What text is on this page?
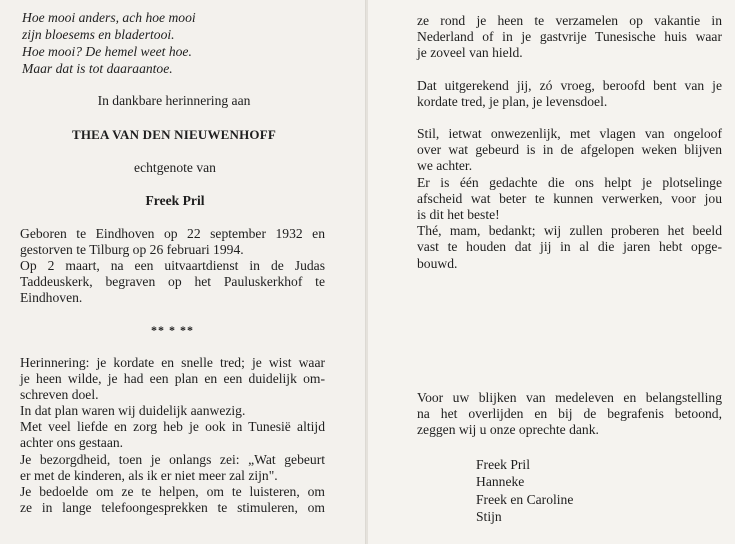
Hoe mooi anders, ach hoe mooi
zijn bloesems en bladertooi.
Hoe mooi? De hemel weet hoe.
Maar dat is tot daaraantoe.
In dankbare herinnering aan
THEA VAN DEN NIEUWENHOFF
echtgenote van
Freek Pril
Geboren te Eindhoven op 22 september 1932 en
gestorven te Tilburg op 26 februari 1994.
Op 2 maart, na een uitvaartdienst in de Judas
Taddeuskerk, begraven op het Pauluskerkhof te
Eindhoven.
** * **
Herinnering: je kordate en snelle tred; je wist waar
je heen wilde, je had een plan en een duidelijk om-
schreven doel.
In dat plan waren wij duidelijk aanwezig.
Met veel liefde en zorg heb je ook in Tunesië altijd
achter ons gestaan.
Je bezorgdheid, toen je onlangs zei: „Wat gebeurt
er met de kinderen, als ik er niet meer zal zijn".
Je bedoelde om ze te helpen, om te luisteren, om
ze in lange telefoongesprekken te stimuleren, om
ze rond je heen te verzamelen op vakantie in
Nederland of in je gastvrije Tunesische huis waar
je zoveel van hield.
Dat uitgerekend jij, zó vroeg, beroofd bent van je
kordate tred, je plan, je levensdoel.
Stil, ietwat onwezenlijk, met vlagen van ongeloof
over wat gebeurd is in de afgelopen weken blijven
we achter.
Er is één gedachte die ons helpt je plotselinge
afscheid wat beter te kunnen verwerken, voor jou
is dit het beste!
Thé, mam, bedankt; wij zullen proberen het beeld
vast te houden dat jij in al die jaren hebt opge-
bouwd.
Voor uw blijken van medeleven en belangstelling
na het overlijden en bij de begrafenis betoond,
zeggen wij u onze oprechte dank.
Freek Pril
Hanneke
Freek en Caroline
Stijn
